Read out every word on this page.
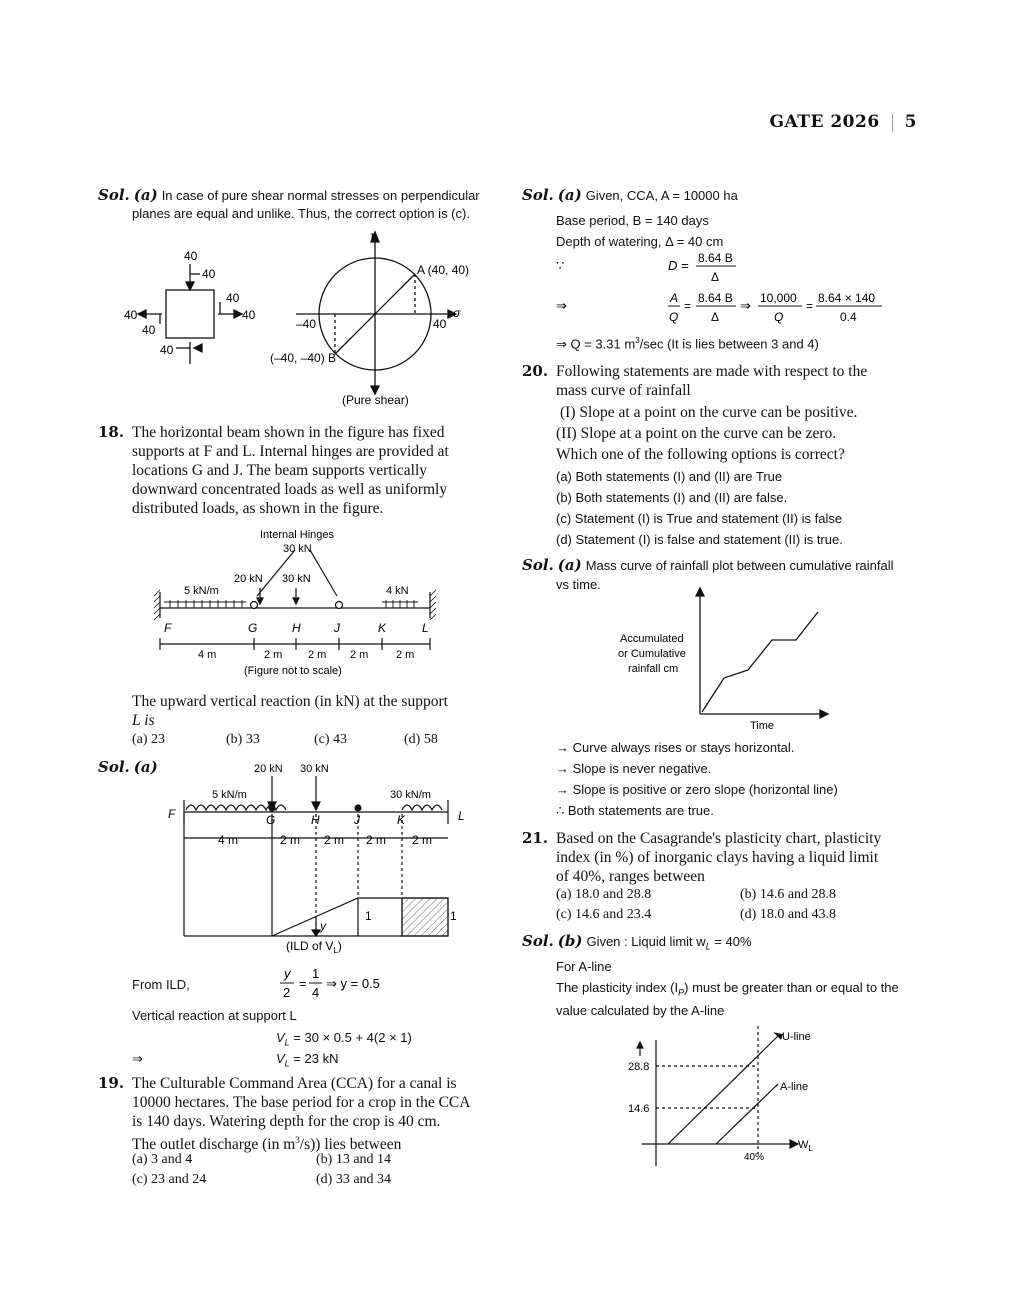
GATE 2026 5
Sol. (a) In case of pure shear normal stresses on perpendicular
planes are equal and unlike. Thus, the correct option is (c).
40
40
40
40
40
40
40
τ
σ
A (40, 40)
(–40, –40) B
–40	40
(Pure shear)
18. The horizontal beam shown in the figure has fixed
supports at F and L. Internal hinges are provided at
locations G and J. The beam supports vertically
downward concentrated loads as well as uniformly
distributed loads, as shown in the figure.
Internal Hinges
30 kN
20 kN 30 kN
5 kN/m	4 kN
F	G	H	J	K	L
4 m	2 m 2 m 2 m	2 m
(Figure not to scale)
The upward vertical reaction (in kN) at the support
L is
(a) 23	(b) 33	(c) 43	(d) 58
Sol. (a)	20 kN 30 kN
5 kN/m	30 kN/m
F	G	H	J	K	L
4 m	2 m 2 m 2 m 2 m
y
1	1
(ILD of $V_L$)
From ILD,
y
2
=
1
4
⇒ y = 0.5
Vertical reaction at support L
$V_L = 30 \times 0.5 + 4(2 \times 1)$
⇒	$V_L = 23$ kN
19. The Culturable Command Area (CCA) for a canal is
10000 hectares. The base period for a crop in the CCA
is 140 days. Watering depth for the crop is 40 cm.
The outlet discharge (in $m^3/s$)) lies between
(a) 3 and 4	(b) 13 and 14
(c) 23 and 24	(d) 33 and 34
Sol. (a) Given, CCA, A = 10000 ha
Base period, B = 140 days
Depth of watering, Δ = 40 cm
∵	D = 8.64 B
Δ
⇒	A
Q
=
8.64 B
Δ
⇒ 10,000
Q
=
8.64 × 140
0.4
⇒ Q = 3.31 $m^3/\sec$ (It is lies between 3 and 4)
20. Following statements are made with respect to the
mass curve of rainfall
(I) Slope at a point on the curve can be positive.
(II) Slope at a point on the curve can be zero.
Which one of the following options is correct?
(a) Both statements (I) and (II) are True
(b) Both statements (I) and (II) are false.
(c) Statement (I) is True and statement (II) is false
(d) Statement (I) is false and statement (II) is true.
Sol. (a) Mass curve of rainfall plot between cumulative rainfall
vs time.
Accumulated
or Cumulative
rainfall cm
Time
→ Curve always rises or stays horizontal.
→ Slope is never negative.
→ Slope is positive or zero slope (horizontal line)
∴ Both statements are true.
21. Based on the Casagrande's plasticity chart, plasticity
index (in %) of inorganic clays having a liquid limit
of 40%, ranges between
(a) 18.0 and 28.8	(b) 14.6 and 28.8
(c) 14.6 and 23.4	(d) 18.0 and 43.8
Sol. (b) Given : Liquid limit $w_L = 40\%$
For A-line
The plasticity index $(I_P)$ must be greater than or equal to the
value calculated by the A-line
U-line
A-line
28.8
14.6
40%
$W_L$
